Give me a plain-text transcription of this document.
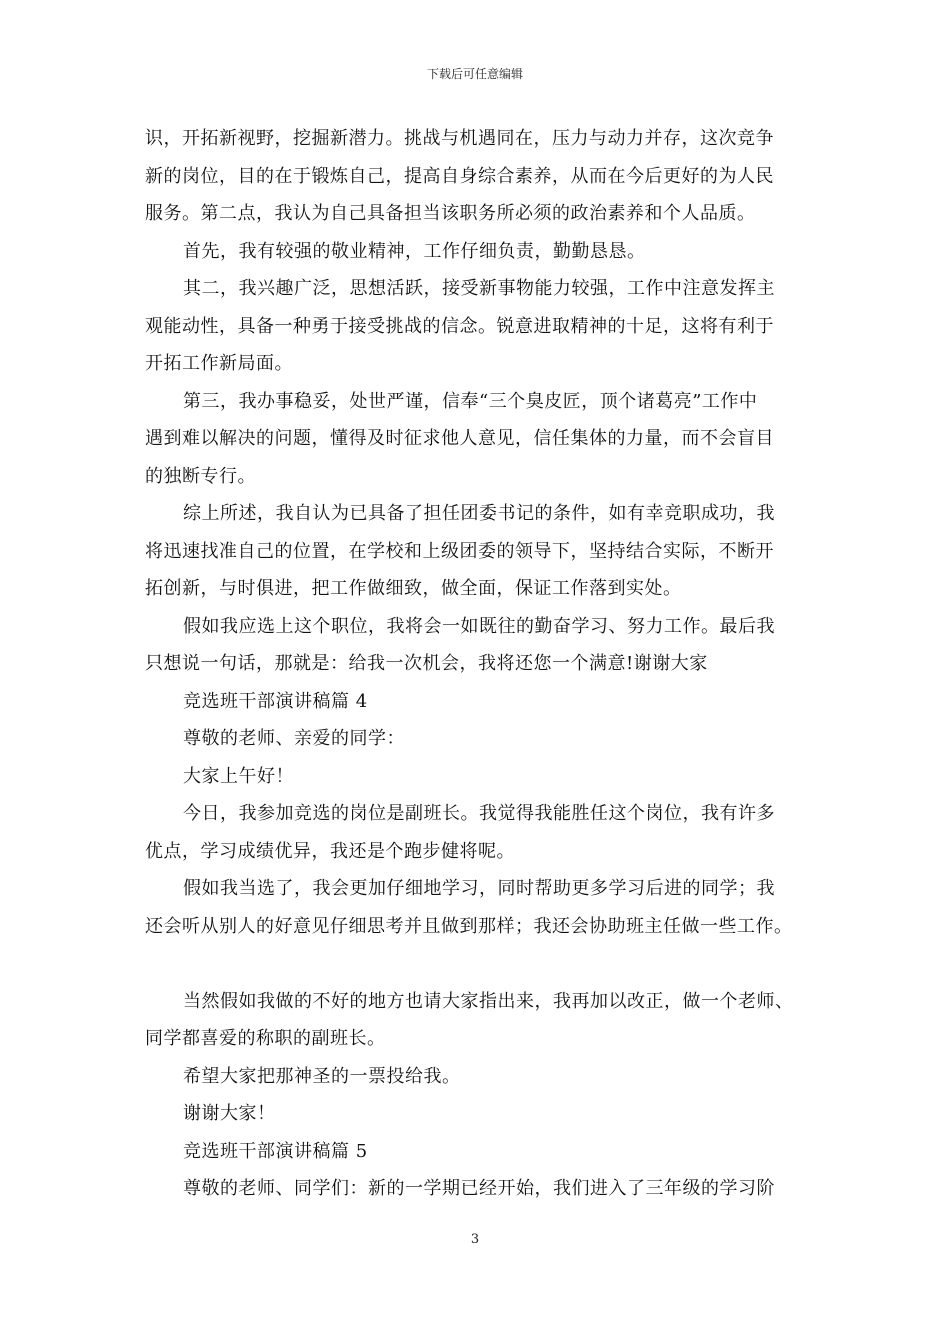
下载后可任意编辑
识，开拓新视野，挖掘新潜力。挑战与机遇同在，压力与动力并存，这次竞争
新的岗位，目的在于锻炼自己，提高自身综合素养，从而在今后更好的为人民
服务。第二点，我认为自己具备担当该职务所必须的政治素养和个人品质。
首先，我有较强的敬业精神，工作仔细负责，勤勤恳恳。
其二，我兴趣广泛，思想活跃，接受新事物能力较强，工作中注意发挥主
观能动性，具备一种勇于接受挑战的信念。锐意进取精神的十足，这将有利于
开拓工作新局面。
第三，我办事稳妥，处世严谨，信奉“三个臭皮匠，顶个诸葛亮”工作中
遇到难以解决的问题，懂得及时征求他人意见，信任集体的力量，而不会盲目
的独断专行。
综上所述，我自认为已具备了担任团委书记的条件，如有幸竞职成功，我
将迅速找准自己的位置，在学校和上级团委的领导下，坚持结合实际，不断开
拓创新，与时俱进，把工作做细致，做全面，保证工作落到实处。
假如我应选上这个职位，我将会一如既往的勤奋学习、努力工作。最后我
只想说一句话，那就是：给我一次机会，我将还您一个满意!谢谢大家
竞选班干部演讲稿篇 4
尊敬的老师、亲爱的同学：
大家上午好！
今日，我参加竞选的岗位是副班长。我觉得我能胜任这个岗位，我有许多
优点，学习成绩优异，我还是个跑步健将呢。
假如我当选了，我会更加仔细地学习，同时帮助更多学习后进的同学；我
还会听从别人的好意见仔细思考并且做到那样；我还会协助班主任做一些工作。
当然假如我做的不好的地方也请大家指出来，我再加以改正，做一个老师、
同学都喜爱的称职的副班长。
希望大家把那神圣的一票投给我。
谢谢大家！
竞选班干部演讲稿篇 5
尊敬的老师、同学们：新的一学期已经开始，我们进入了三年级的学习阶
3
